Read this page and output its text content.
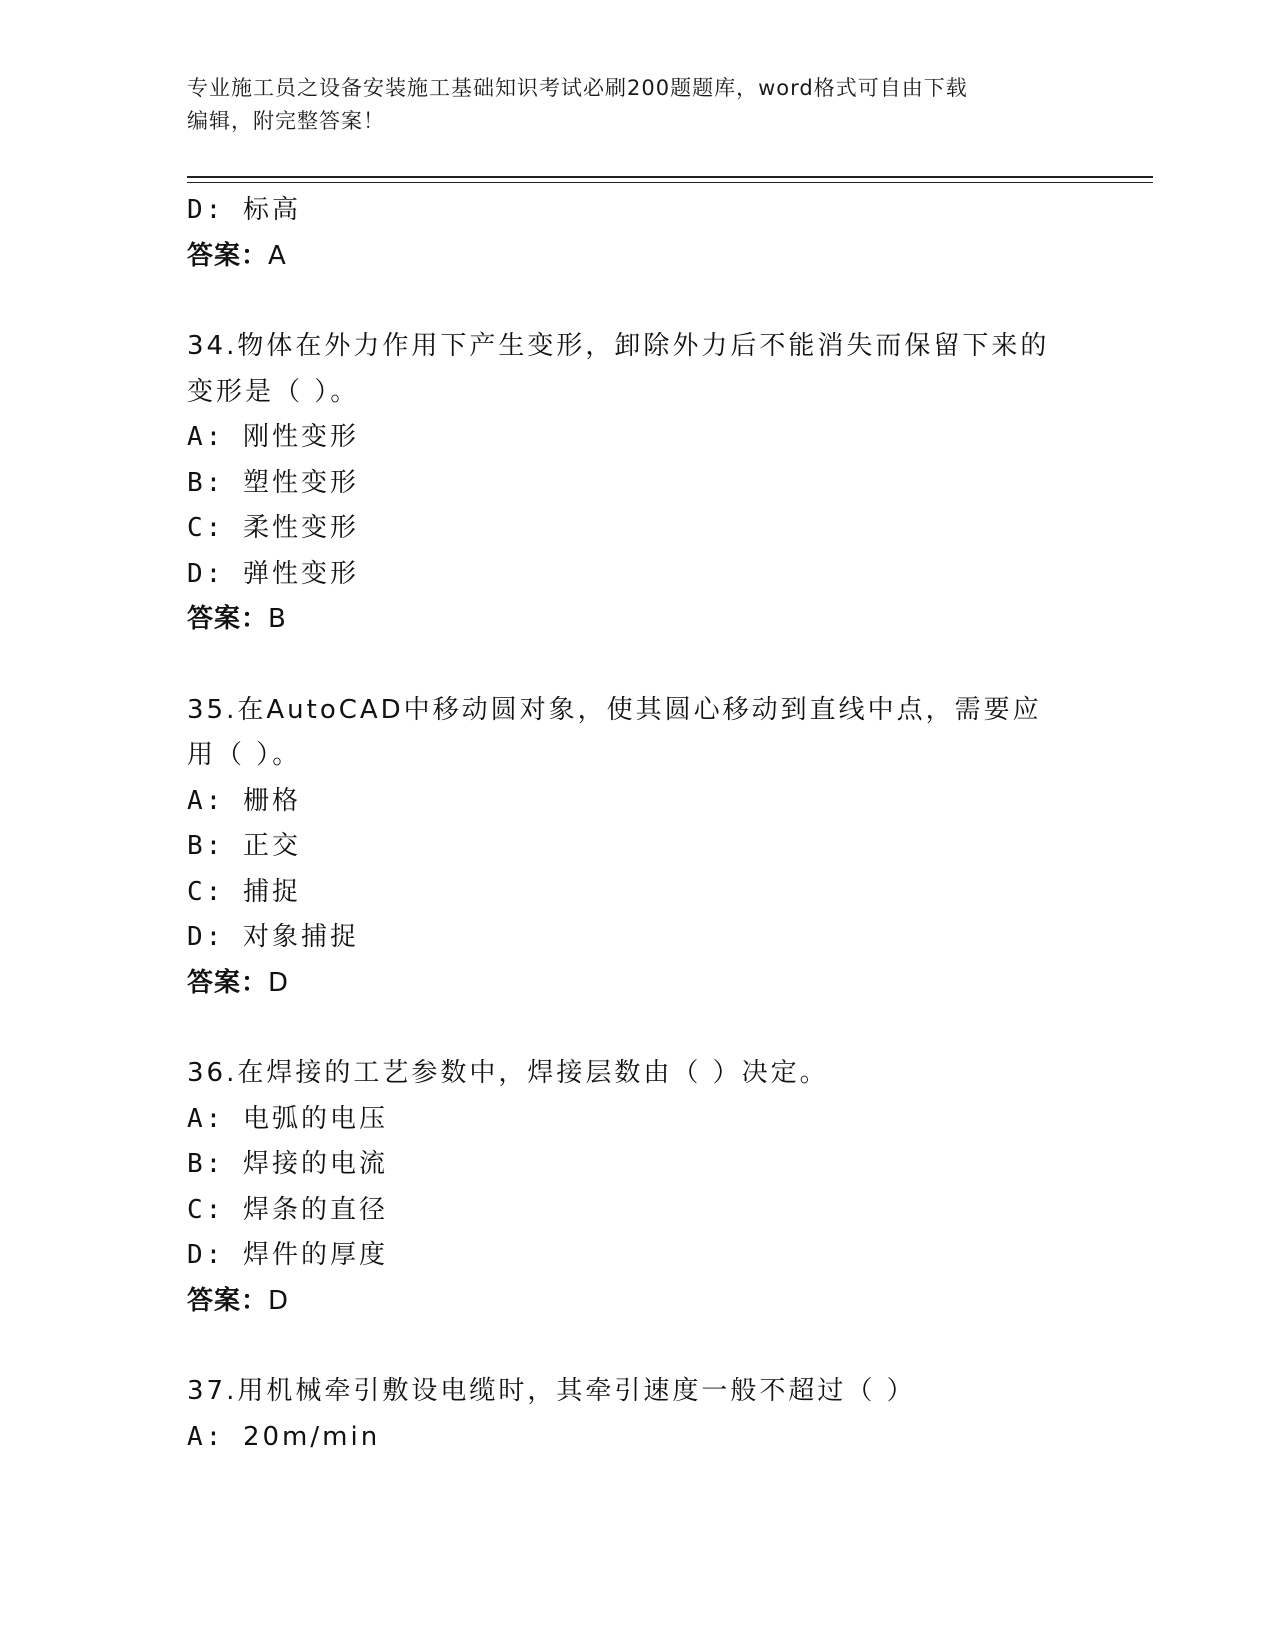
专业施工员之设备安装施工基础知识考试必刷200题题库，word格式可自由下载
编辑，附完整答案！
D: 标高
答案：A
34.物体在外力作用下产生变形，卸除外力后不能消失而保留下来的变形是（ ）。
A: 刚性变形
B: 塑性变形
C: 柔性变形
D: 弹性变形
答案：B
35.在AutoCAD中移动圆对象，使其圆心移动到直线中点，需要应用（ ）。
A: 栅格
B: 正交
C: 捕捉
D: 对象捕捉
答案：D
36.在焊接的工艺参数中，焊接层数由（ ）决定。
A: 电弧的电压
B: 焊接的电流
C: 焊条的直径
D: 焊件的厚度
答案：D
37.用机械牵引敷设电缆时，其牵引速度一般不超过（ ）
A: 20m/min
